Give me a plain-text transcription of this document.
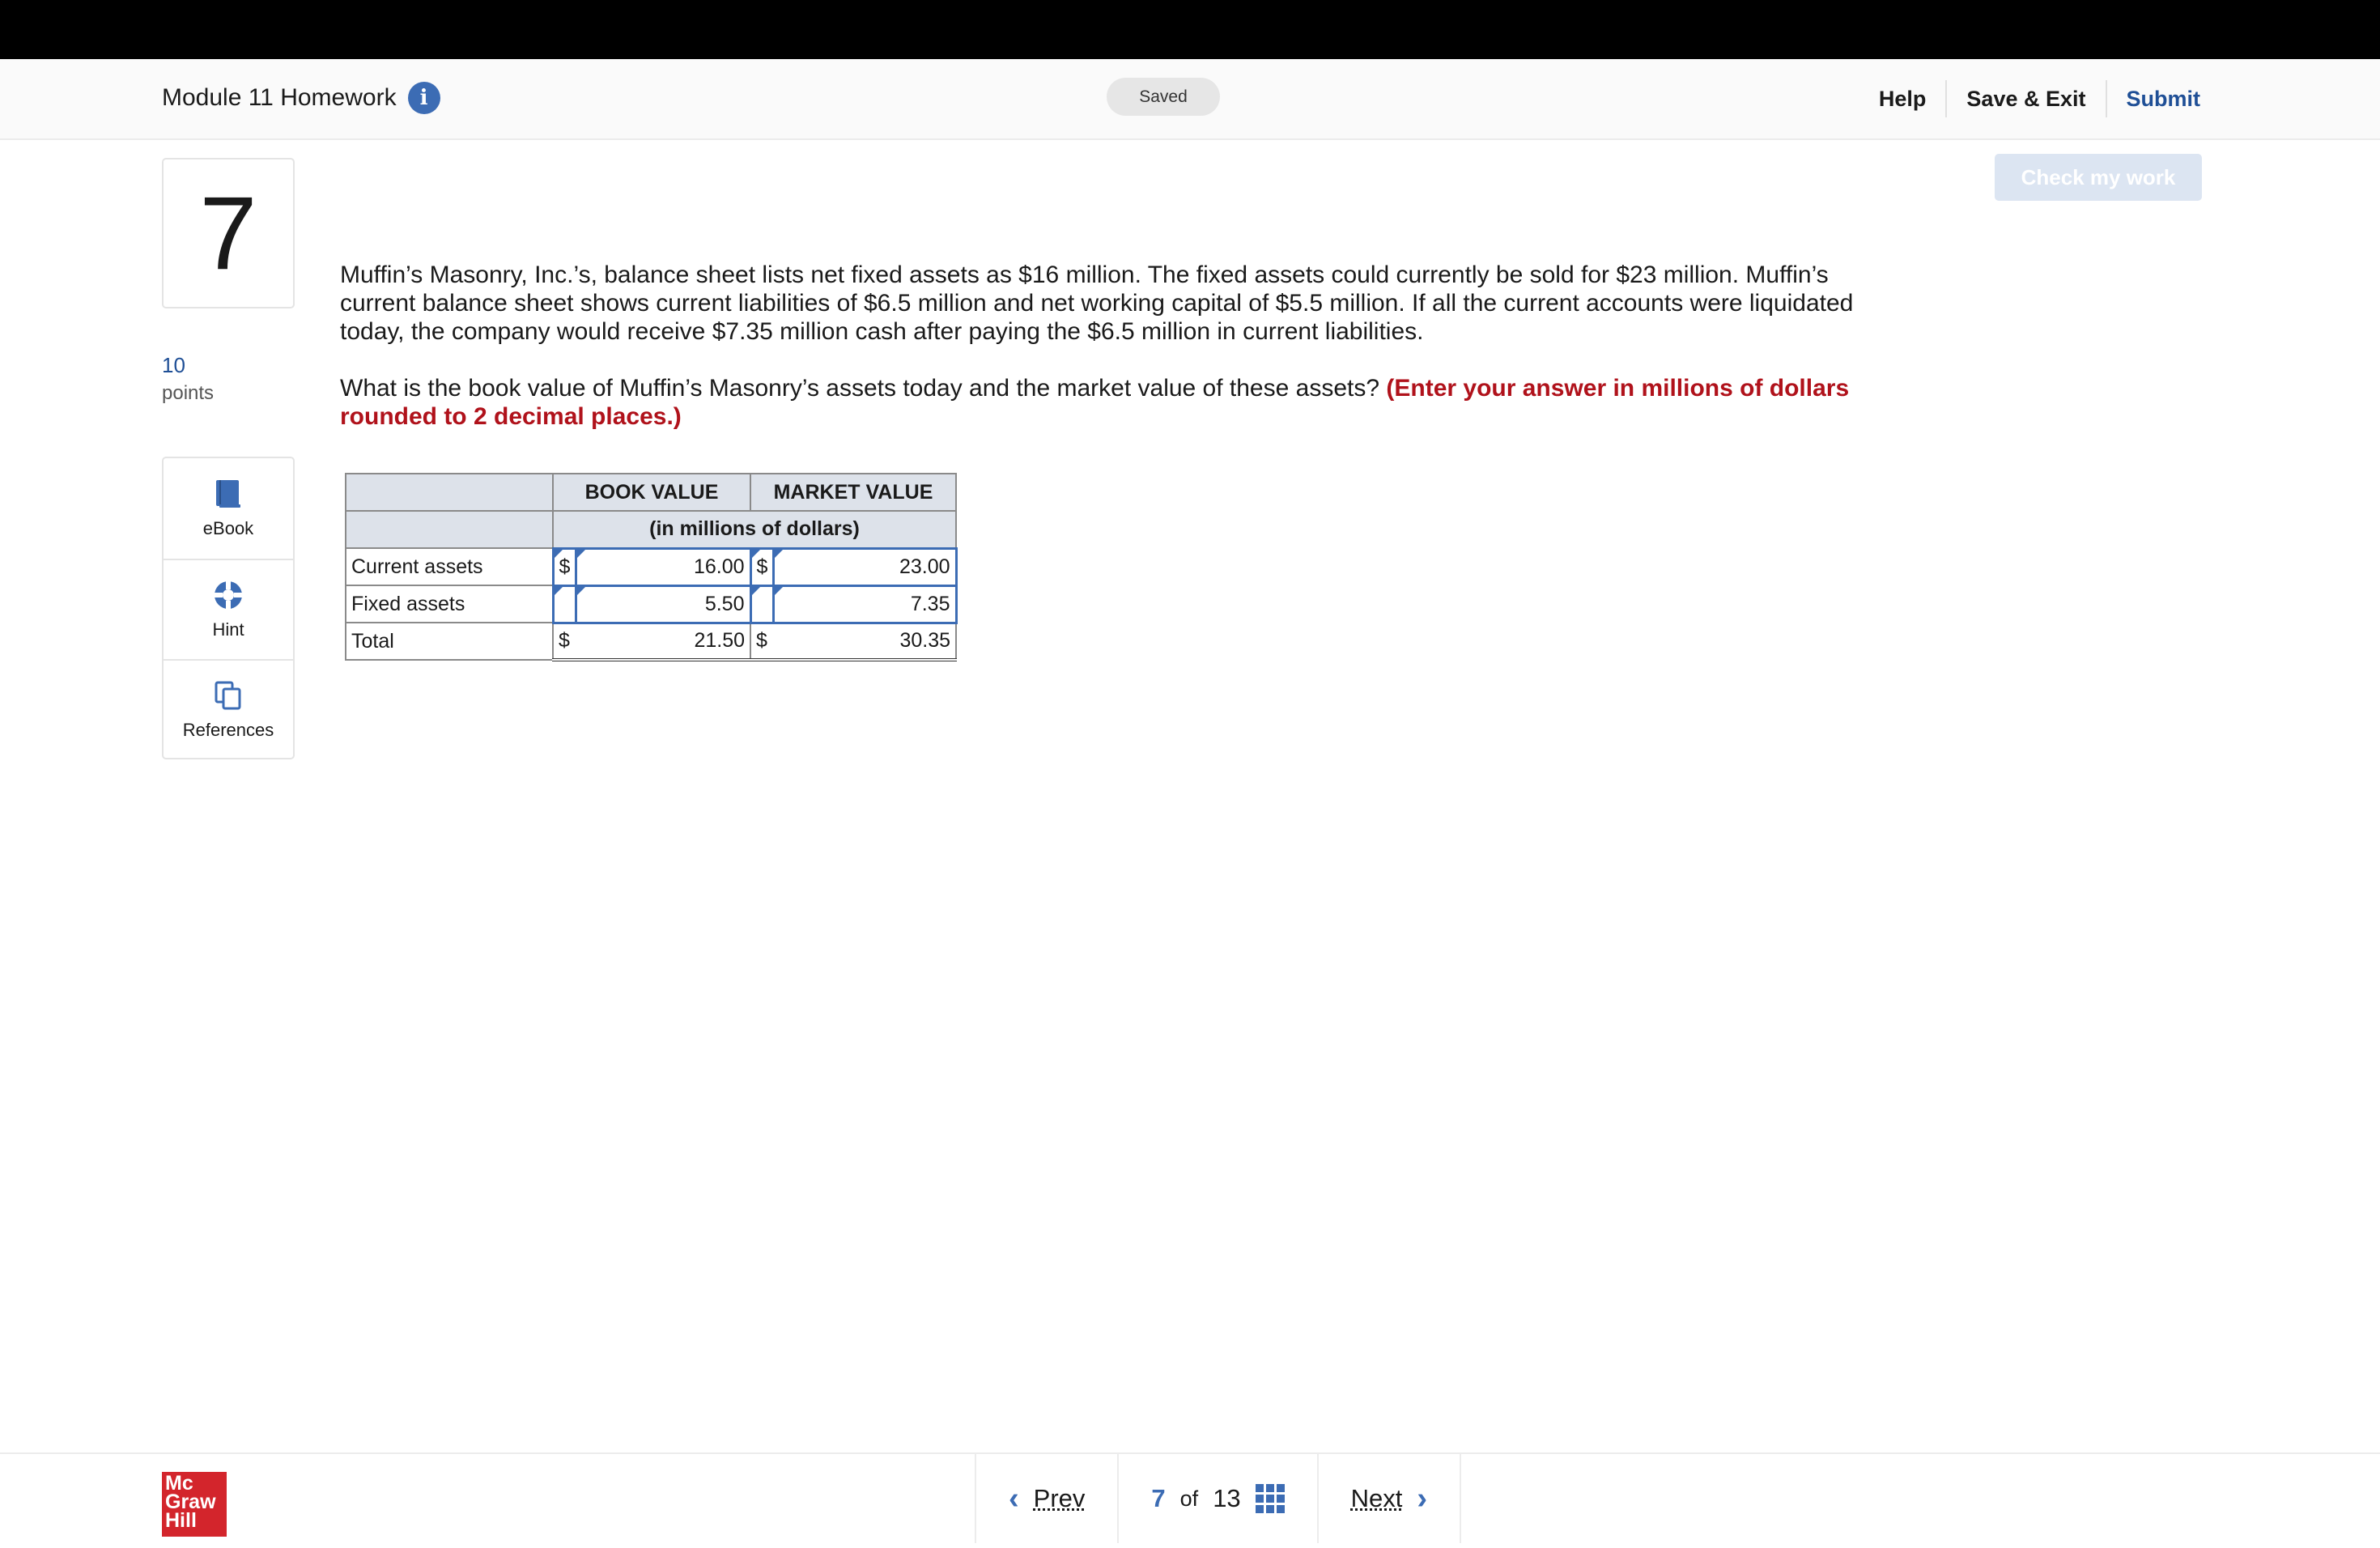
Module 11 Homework	i	Saved	Help	Save & Exit	Submit
Check my work
7
10
points
eBook
Hint
References

Muffin’s Masonry, Inc.’s, balance sheet lists net fixed assets as $16 million. The fixed assets could currently be sold for $23 million. Muffin’s current balance sheet shows current liabilities of $6.5 million and net working capital of $5.5 million. If all the current accounts were liquidated today, the company would receive $7.35 million cash after paying the $6.5 million in current liabilities.

What is the book value of Muffin’s Masonry’s assets today and the market value of these assets? (Enter your answer in millions of dollars rounded to 2 decimal places.)

	BOOK VALUE		MARKET VALUE	
	(in millions of dollars)			
Current assets	$	16.00	$	23.00
Fixed assets		5.50		7.35
Total	$	21.50	$	30.35
Mc
Graw
Hill
‹ Prev	7 of 13	Next ›
